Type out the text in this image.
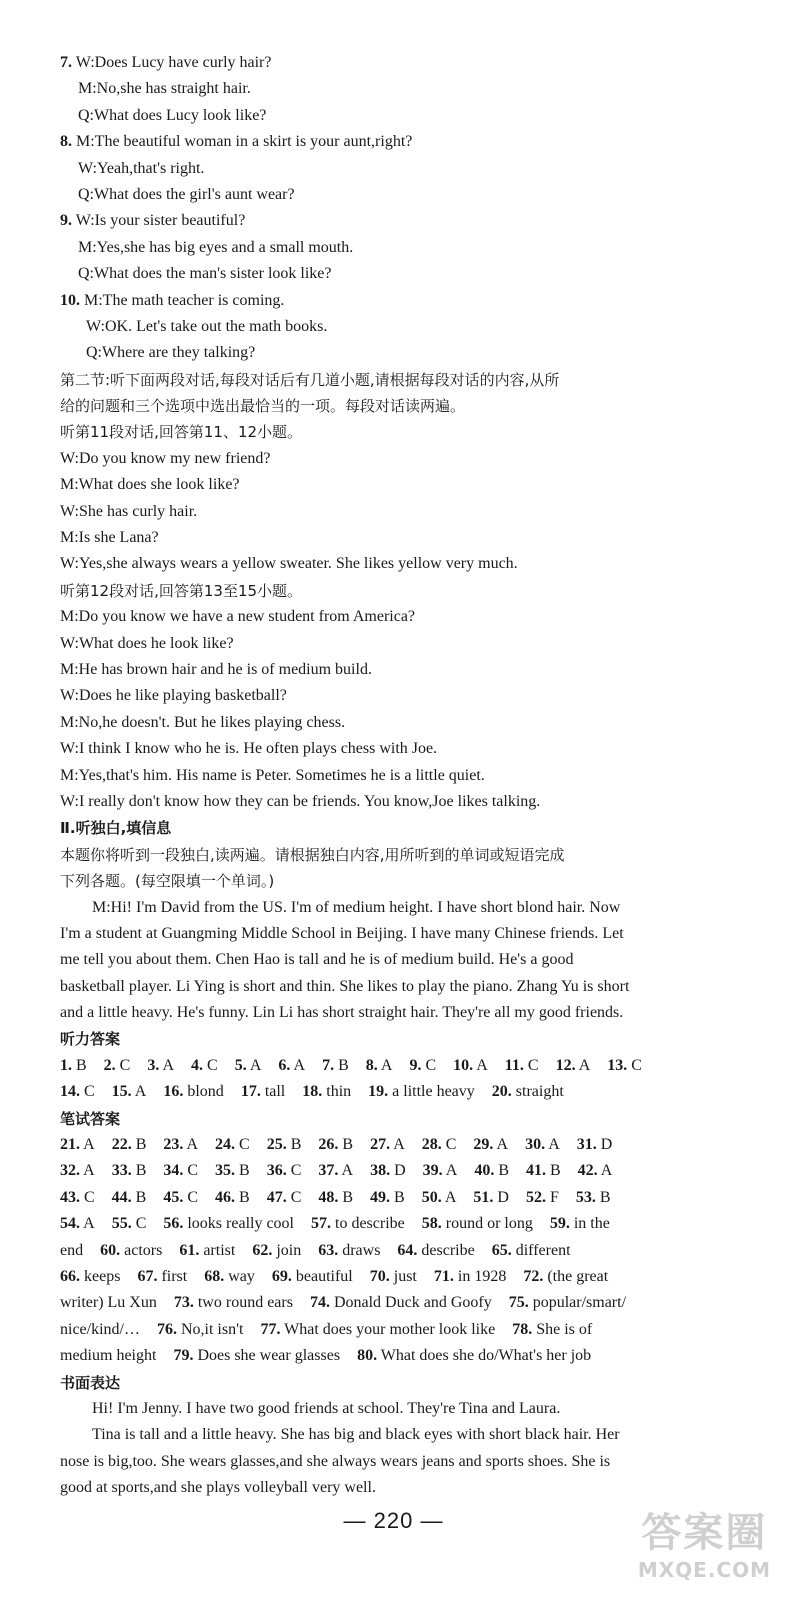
7. W:Does Lucy have curly hair?
M:No,she has straight hair.
Q:What does Lucy look like?
8. M:The beautiful woman in a skirt is your aunt,right?
W:Yeah,that's right.
Q:What does the girl's aunt wear?
9. W:Is your sister beautiful?
M:Yes,she has big eyes and a small mouth.
Q:What does the man's sister look like?
10. M:The math teacher is coming.
W:OK. Let's take out the math books.
Q:Where are they talking?
第二节:听下面两段对话,每段对话后有几道小题,请根据每段对话的内容,从所
给的问题和三个选项中选出最恰当的一项。每段对话读两遍。
听第11段对话,回答第11、12小题。
W:Do you know my new friend?
M:What does she look like?
W:She has curly hair.
M:Is she Lana?
W:Yes,she always wears a yellow sweater. She likes yellow very much.
听第12段对话,回答第13至15小题。
M:Do you know we have a new student from America?
W:What does he look like?
M:He has brown hair and he is of medium build.
W:Does he like playing basketball?
M:No,he doesn't. But he likes playing chess.
W:I think I know who he is. He often plays chess with Joe.
M:Yes,that's him. His name is Peter. Sometimes he is a little quiet.
W:I really don't know how they can be friends. You know,Joe likes talking.
Ⅱ.听独白,填信息
本题你将听到一段独白,读两遍。请根据独白内容,用所听到的单词或短语完成
下列各题。(每空限填一个单词。)
M:Hi! I'm David from the US. I'm of medium height. I have short blond hair. Now
I'm a student at Guangming Middle School in Beijing. I have many Chinese friends. Let
me tell you about them. Chen Hao is tall and he is of medium build. He's a good
basketball player. Li Ying is short and thin. She likes to play the piano. Zhang Yu is short
and a little heavy. He's funny. Lin Li has short straight hair. They're all my good friends.
听力答案
1. B 2. C 3. A 4. C 5. A 6. A 7. B 8. A 9. C 10. A 11. C 12. A 13. C
14. C 15. A 16. blond 17. tall 18. thin 19. a little heavy 20. straight
笔试答案
21. A 22. B 23. A 24. C 25. B 26. B 27. A 28. C 29. A 30. A 31. D
32. A 33. B 34. C 35. B 36. C 37. A 38. D 39. A 40. B 41. B 42. A
43. C 44. B 45. C 46. B 47. C 48. B 49. B 50. A 51. D 52. F 53. B
54. A 55. C 56. looks really cool 57. to describe 58. round or long 59. in the
end 60. actors 61. artist 62. join 63. draws 64. describe 65. different
66. keeps 67. first 68. way 69. beautiful 70. just 71. in 1928 72. (the great
writer) Lu Xun 73. two round ears 74. Donald Duck and Goofy 75. popular/smart/
nice/kind/… 76. No,it isn't 77. What does your mother look like 78. She is of
medium height 79. Does she wear glasses 80. What does she do/What's her job
书面表达
Hi! I'm Jenny. I have two good friends at school. They're Tina and Laura.
Tina is tall and a little heavy. She has big and black eyes with short black hair. Her
nose is big,too. She wears glasses,and she always wears jeans and sports shoes. She is
good at sports,and she plays volleyball very well.
— 220 —	答案圈
MXQE.COM
